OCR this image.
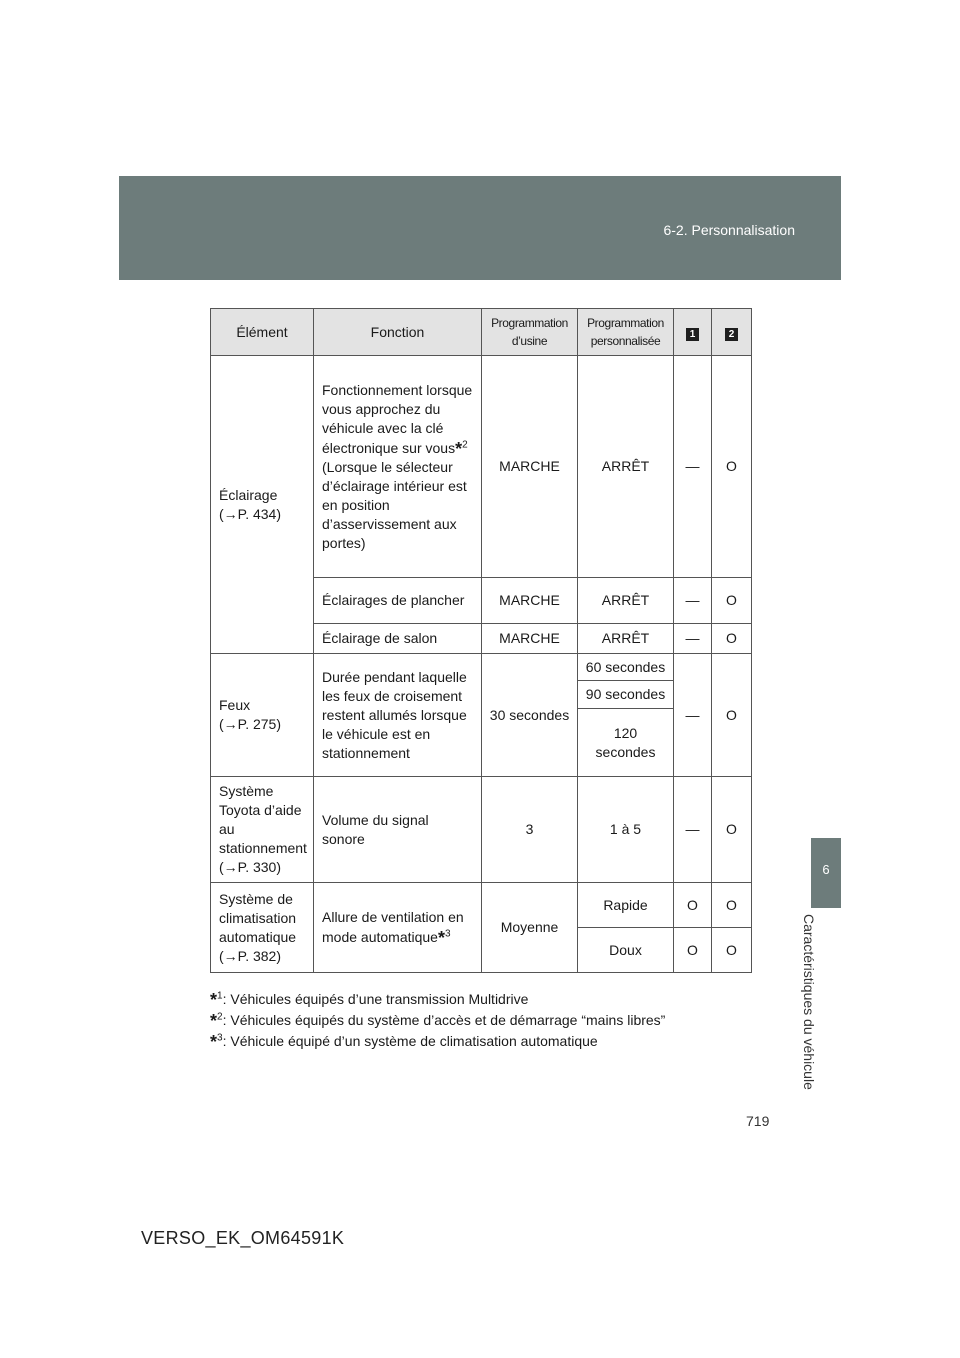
6-2. Personnalisation
6
Caractéristiques du véhicule
Élément	Fonction	Programmation d’usine	Programmation personnalisée	1	2
Éclairage
(→P. 434)	Fonctionnement lorsque vous approchez du véhicule avec la clé électronique sur vous*$^2$ (Lorsque le sélecteur d’éclairage intérieur est en position d’asservissement aux portes)	MARCHE	ARRÊT	—	O
	Éclairages de plancher	MARCHE	ARRÊT	—	O
	Éclairage de salon	MARCHE	ARRÊT	—	O
Feux
(→P. 275)	Durée pendant laquelle les feux de croisement restent allumés lorsque le véhicule est en stationnement	30 secondes	60 secondes	—	O
			90 secondes		
			120 secondes		
Système Toyota d’aide au stationnement
(→P. 330)	Volume du signal sonore	3	1 à 5	—	O
Système de climatisation automatique
(→P. 382)	Allure de ventilation en mode automatique*$^3$	Moyenne	Rapide	O	O
			Doux	O	O
*$^1$: Véhicules équipés d’une transmission Multidrive
*$^2$: Véhicules équipés du système d’accès et de démarrage “mains libres”
*$^3$: Véhicule équipé d’un système de climatisation automatique
719
VERSO_EK_OM64591K
